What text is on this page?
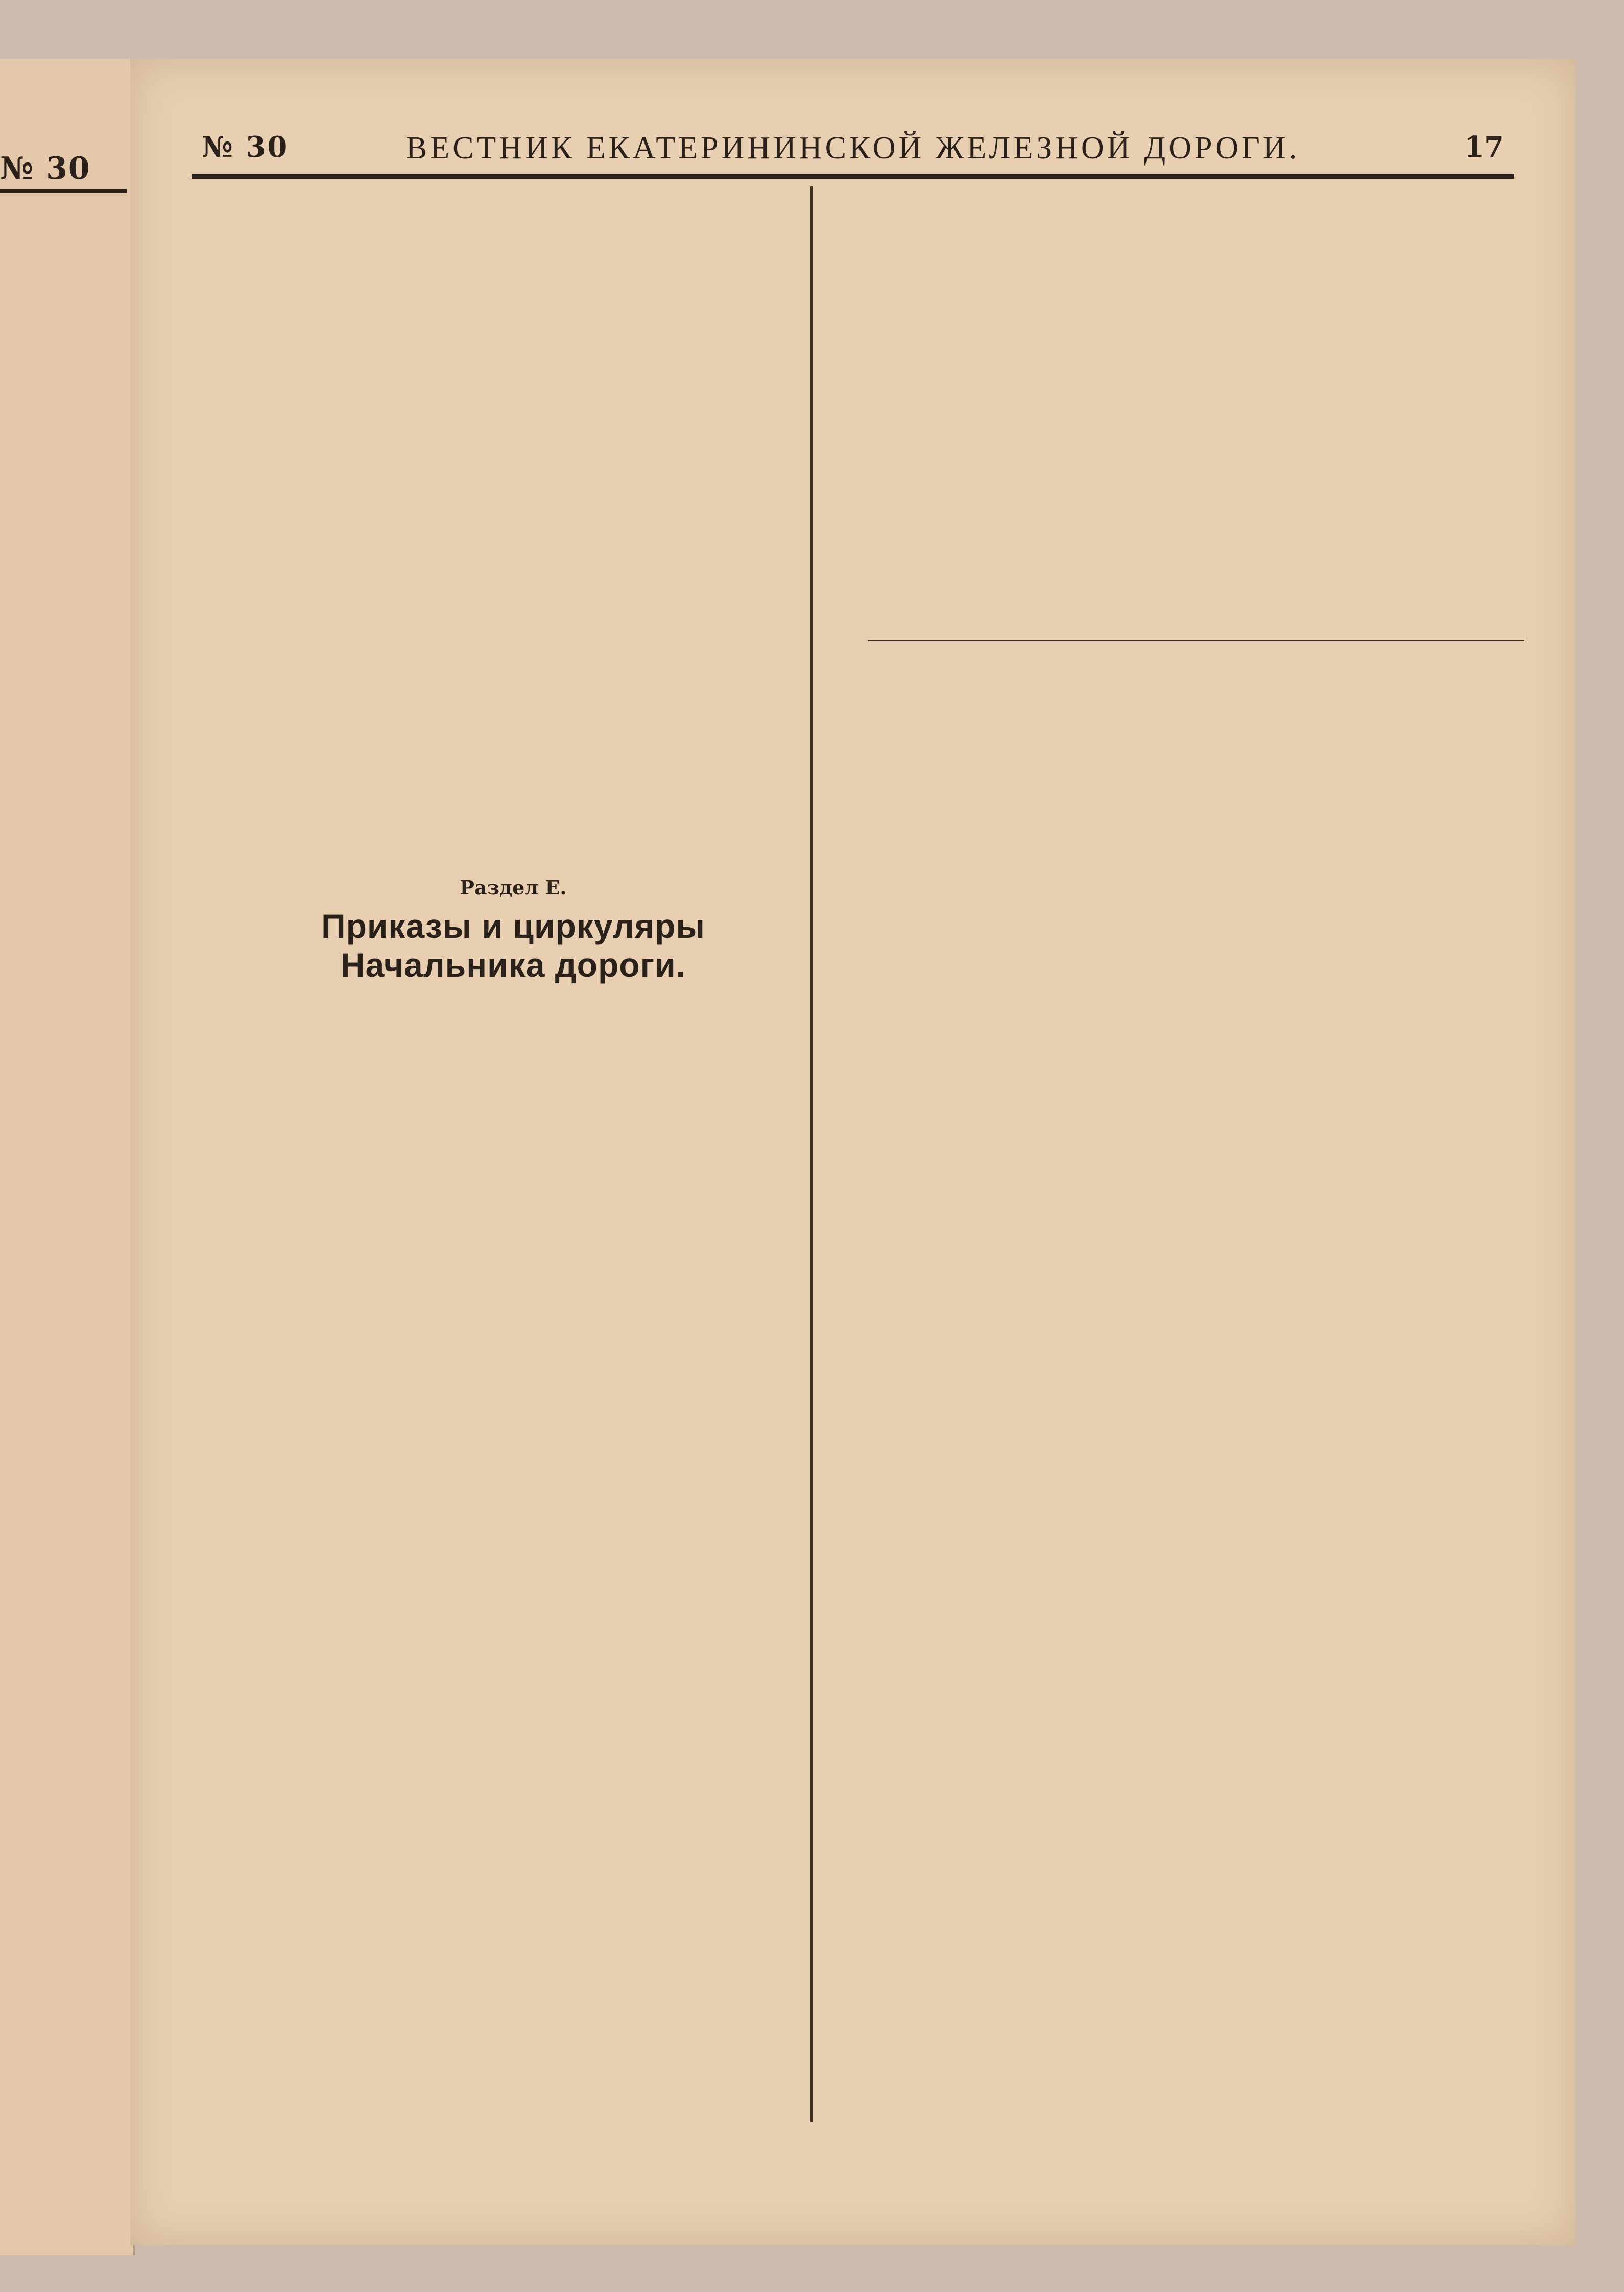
№ 30
№ 30	ВЕСТНИК ЕКАТЕРИНИНСКОЙ ЖЕЛЕЗНОЙ ДОРОГИ.	17
Раздел Е.
Приказы и циркуляры Начальника дороги.
